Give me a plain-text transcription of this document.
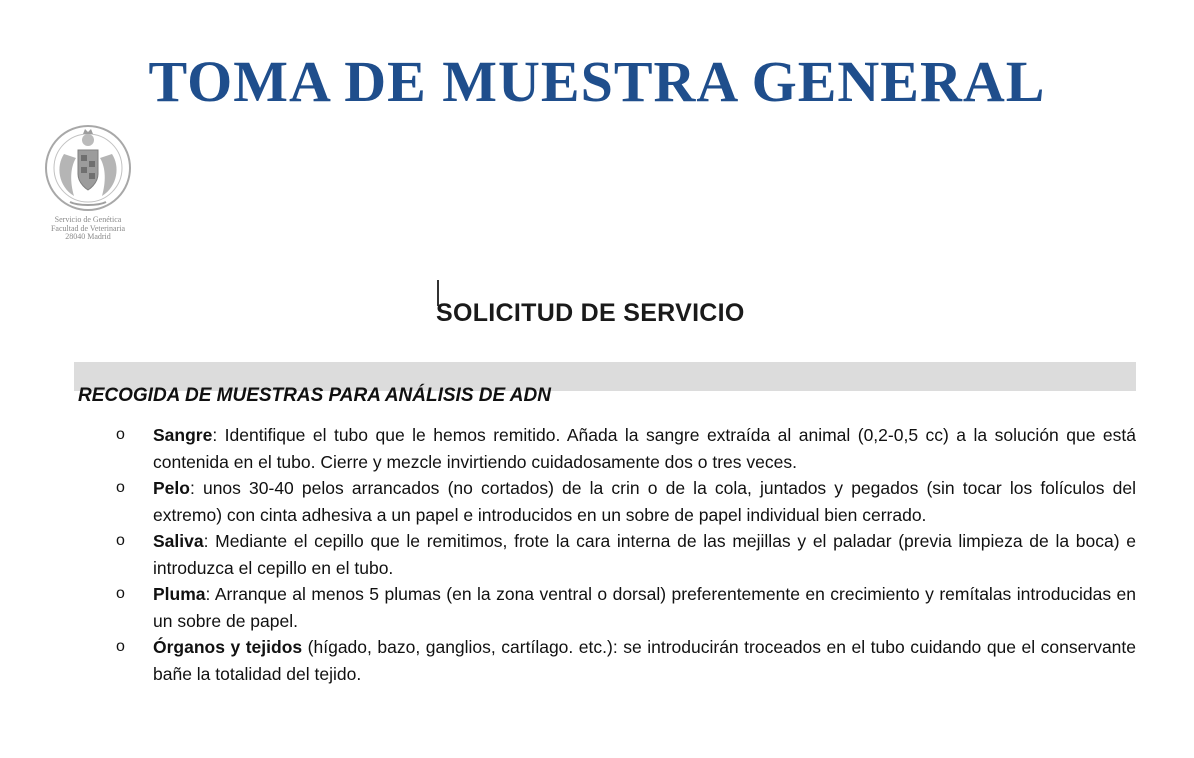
TOMA DE MUESTRA GENERAL
Servicio de Genética
Facultad de Veterinaria
28040 Madrid
SOLICITUD DE SERVICIO
RECOGIDA DE MUESTRAS PARA ANÁLISIS DE ADN
o Sangre: Identifique el tubo que le hemos remitido. Añada la sangre extraída al animal (0,2-0,5 cc) a la solución que está contenida en el tubo. Cierre y mezcle invirtiendo cuidadosamente dos o tres veces.
o Pelo: unos 30-40 pelos arrancados (no cortados) de la crin o de la cola, juntados y pegados (sin tocar los folículos del extremo) con cinta adhesiva a un papel e introducidos en un sobre de papel individual bien cerrado.
o Saliva: Mediante el cepillo que le remitimos, frote la cara interna de las mejillas y el paladar (previa limpieza de la boca) e introduzca el cepillo en el tubo.
o Pluma: Arranque al menos 5 plumas (en la zona ventral o dorsal) preferentemente en crecimiento y remítalas introducidas en un sobre de papel.
o Órganos y tejidos (hígado, bazo, ganglios, cartílago. etc.): se introducirán troceados en el tubo cuidando que el conservante bañe la totalidad del tejido.
